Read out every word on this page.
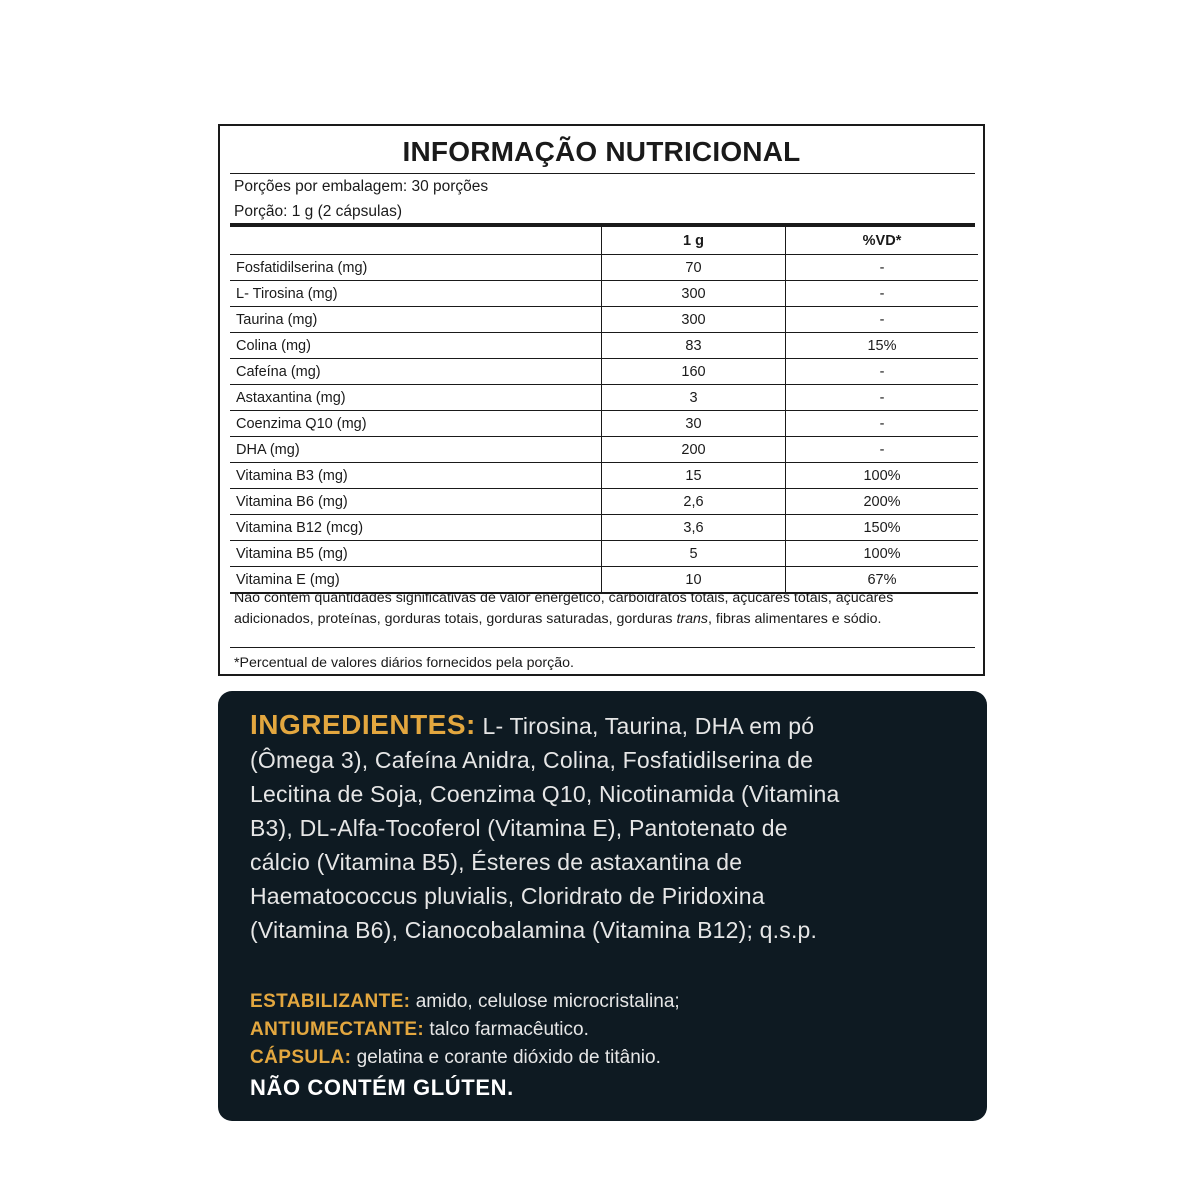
INFORMAÇÃO NUTRICIONAL
Porções por embalagem: 30 porções
Porção: 1 g (2 cápsulas)
	1 g	%VD*
Fosfatidilserina (mg)	70	-
L- Tirosina (mg)	300	-
Taurina (mg)	300	-
Colina (mg)	83	15%
Cafeína (mg)	160	-
Astaxantina (mg)	3	-
Coenzima Q10 (mg)	30	-
DHA (mg)	200	-
Vitamina B3 (mg)	15	100%
Vitamina B6 (mg)	2,6	200%
Vitamina B12 (mcg)	3,6	150%
Vitamina B5 (mg)	5	100%
Vitamina E (mg)	10	67%
Não contém quantidades significativas de valor energético, carboidratos totais, açúcares totais, açúcares adicionados, proteínas, gorduras totais, gorduras saturadas, gorduras trans, fibras alimentares e sódio.
*Percentual de valores diários fornecidos pela porção.
INGREDIENTES: L- Tirosina, Taurina, DHA em pó (Ômega 3), Cafeína Anidra, Colina, Fosfatidilserina de Lecitina de Soja, Coenzima Q10, Nicotinamida (Vitamina B3), DL-Alfa-Tocoferol (Vitamina E), Pantotenato de cálcio (Vitamina B5), Ésteres de astaxantina de Haematococcus pluvialis, Cloridrato de Piridoxina (Vitamina B6), Cianocobalamina (Vitamina B12); q.s.p.
ESTABILIZANTE: amido, celulose microcristalina;
ANTIUMECTANTE: talco farmacêutico.
CÁPSULA: gelatina e corante dióxido de titânio.
NÃO CONTÉM GLÚTEN.
